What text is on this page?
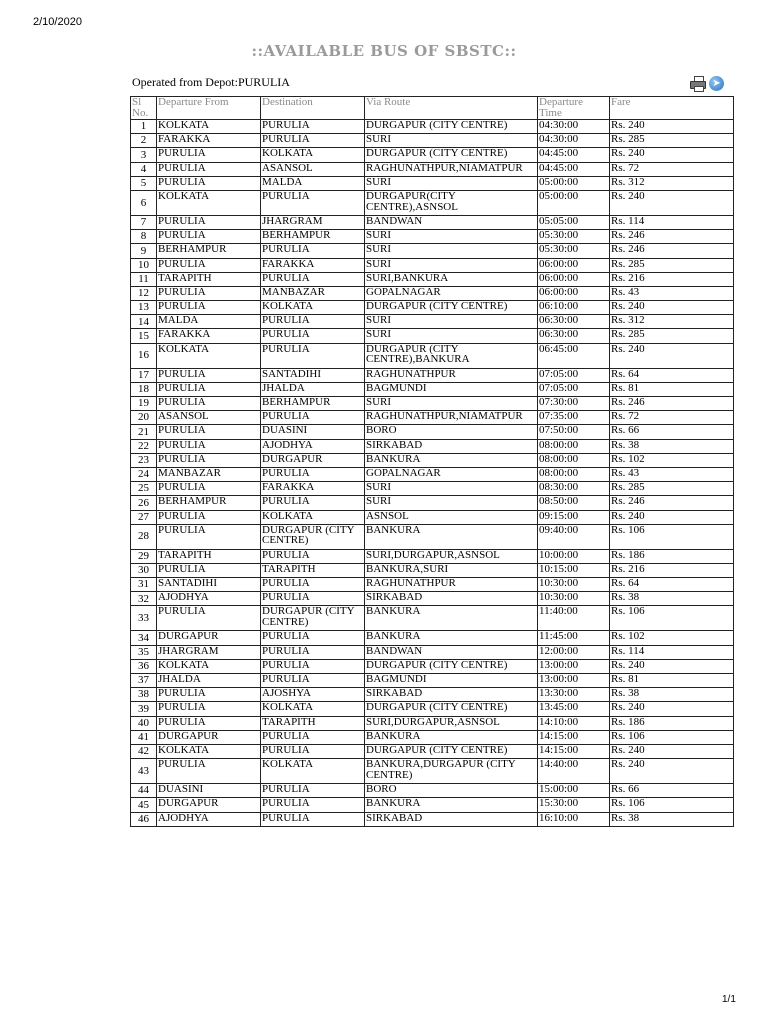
2/10/2020
::AVAILABLE BUS OF SBSTC::
Operated from Depot:PURULIA	➤
Sl No.	Departure From	Destination	Via Route	Departure Time	Fare
1	KOLKATA	PURULIA	DURGAPUR (CITY CENTRE)	04:30:00	Rs. 240
2	FARAKKA	PURULIA	SURI	04:30:00	Rs. 285
3	PURULIA	KOLKATA	DURGAPUR (CITY CENTRE)	04:45:00	Rs. 240
4	PURULIA	ASANSOL	RAGHUNATHPUR,NIAMATPUR	04:45:00	Rs. 72
5	PURULIA	MALDA	SURI	05:00:00	Rs. 312
6	KOLKATA	PURULIA	DURGAPUR(CITY CENTRE),ASNSOL	05:00:00	Rs. 240
7	PURULIA	JHARGRAM	BANDWAN	05:05:00	Rs. 114
8	PURULIA	BERHAMPUR	SURI	05:30:00	Rs. 246
9	BERHAMPUR	PURULIA	SURI	05:30:00	Rs. 246
10	PURULIA	FARAKKA	SURI	06:00:00	Rs. 285
11	TARAPITH	PURULIA	SURI,BANKURA	06:00:00	Rs. 216
12	PURULIA	MANBAZAR	GOPALNAGAR	06:00:00	Rs. 43
13	PURULIA	KOLKATA	DURGAPUR (CITY CENTRE)	06:10:00	Rs. 240
14	MALDA	PURULIA	SURI	06:30:00	Rs. 312
15	FARAKKA	PURULIA	SURI	06:30:00	Rs. 285
16	KOLKATA	PURULIA	DURGAPUR (CITY CENTRE),BANKURA	06:45:00	Rs. 240
17	PURULIA	SANTADIHI	RAGHUNATHPUR	07:05:00	Rs. 64
18	PURULIA	JHALDA	BAGMUNDI	07:05:00	Rs. 81
19	PURULIA	BERHAMPUR	SURI	07:30:00	Rs. 246
20	ASANSOL	PURULIA	RAGHUNATHPUR,NIAMATPUR	07:35:00	Rs. 72
21	PURULIA	DUASINI	BORO	07:50:00	Rs. 66
22	PURULIA	AJODHYA	SIRKABAD	08:00:00	Rs. 38
23	PURULIA	DURGAPUR	BANKURA	08:00:00	Rs. 102
24	MANBAZAR	PURULIA	GOPALNAGAR	08:00:00	Rs. 43
25	PURULIA	FARAKKA	SURI	08:30:00	Rs. 285
26	BERHAMPUR	PURULIA	SURI	08:50:00	Rs. 246
27	PURULIA	KOLKATA	ASNSOL	09:15:00	Rs. 240
28	PURULIA	DURGAPUR (CITY CENTRE)	BANKURA	09:40:00	Rs. 106
29	TARAPITH	PURULIA	SURI,DURGAPUR,ASNSOL	10:00:00	Rs. 186
30	PURULIA	TARAPITH	BANKURA,SURI	10:15:00	Rs. 216
31	SANTADIHI	PURULIA	RAGHUNATHPUR	10:30:00	Rs. 64
32	AJODHYA	PURULIA	SIRKABAD	10:30:00	Rs. 38
33	PURULIA	DURGAPUR (CITY CENTRE)	BANKURA	11:40:00	Rs. 106
34	DURGAPUR	PURULIA	BANKURA	11:45:00	Rs. 102
35	JHARGRAM	PURULIA	BANDWAN	12:00:00	Rs. 114
36	KOLKATA	PURULIA	DURGAPUR (CITY CENTRE)	13:00:00	Rs. 240
37	JHALDA	PURULIA	BAGMUNDI	13:00:00	Rs. 81
38	PURULIA	AJOSHYA	SIRKABAD	13:30:00	Rs. 38
39	PURULIA	KOLKATA	DURGAPUR (CITY CENTRE)	13:45:00	Rs. 240
40	PURULIA	TARAPITH	SURI,DURGAPUR,ASNSOL	14:10:00	Rs. 186
41	DURGAPUR	PURULIA	BANKURA	14:15:00	Rs. 106
42	KOLKATA	PURULIA	DURGAPUR (CITY CENTRE)	14:15:00	Rs. 240
43	PURULIA	KOLKATA	BANKURA,DURGAPUR (CITY CENTRE)	14:40:00	Rs. 240
44	DUASINI	PURULIA	BORO	15:00:00	Rs. 66
45	DURGAPUR	PURULIA	BANKURA	15:30:00	Rs. 106
46	AJODHYA	PURULIA	SIRKABAD	16:10:00	Rs. 38
1/1
